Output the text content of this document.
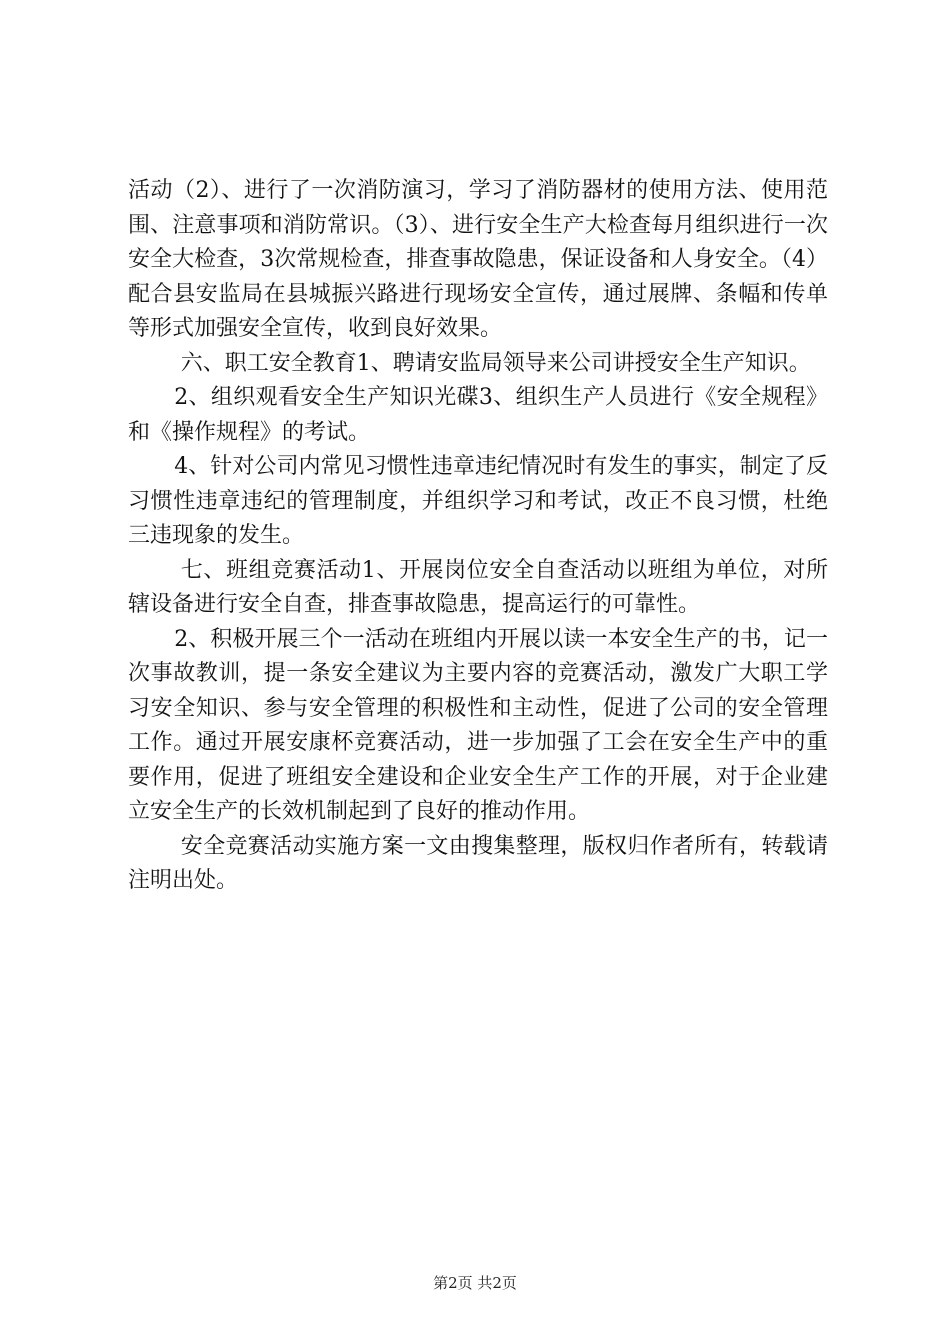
活动（2）、进行了一次消防演习，学习了消防器材的使用方法、使用范围、注意事项和消防常识。（3）、进行安全生产大检查每月组织进行一次安全大检查，3次常规检查，排查事故隐患，保证设备和人身安全。（4）配合县安监局在县城振兴路进行现场安全宣传，通过展牌、条幅和传单等形式加强安全宣传，收到良好效果。

六、职工安全教育1、聘请安监局领导来公司讲授安全生产知识。

2、组织观看安全生产知识光碟3、组织生产人员进行《安全规程》和《操作规程》的考试。

4、针对公司内常见习惯性违章违纪情况时有发生的事实，制定了反习惯性违章违纪的管理制度，并组织学习和考试，改正不良习惯，杜绝三违现象的发生。

七、班组竞赛活动1、开展岗位安全自查活动以班组为单位，对所辖设备进行安全自查，排查事故隐患，提高运行的可靠性。

2、积极开展三个一活动在班组内开展以读一本安全生产的书，记一次事故教训，提一条安全建议为主要内容的竞赛活动，激发广大职工学习安全知识、参与安全管理的积极性和主动性，促进了公司的安全管理工作。通过开展安康杯竞赛活动，进一步加强了工会在安全生产中的重要作用，促进了班组安全建设和企业安全生产工作的开展，对于企业建立安全生产的长效机制起到了良好的推动作用。

安全竞赛活动实施方案一文由搜集整理，版权归作者所有，转载请注明出处。

第2页 共2页
